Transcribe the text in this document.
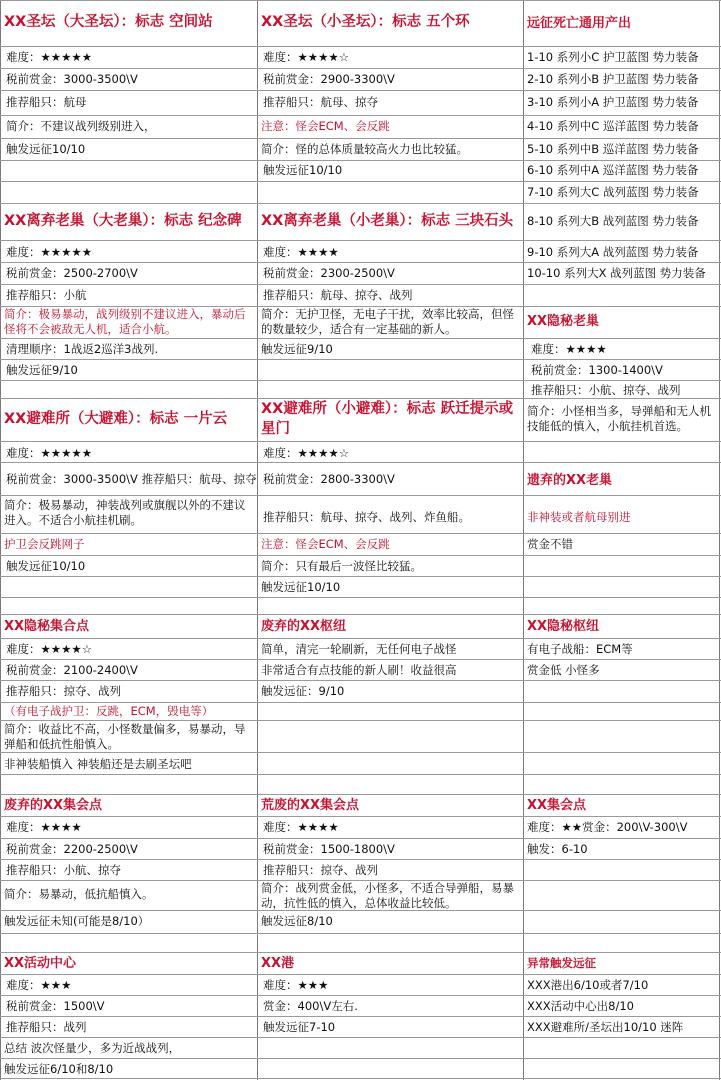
XX圣坛（大圣坛）：标志 空间站
难度：★★★★★
税前赏金：3000-3500\V
推荐船只：航母
简介：不建议战列级别进入，
触发远征10/10
XX离弃老巢（大老巢）：标志 纪念碑
难度：★★★★★
税前赏金：2500-2700\V
推荐船只：小航
简介：极易暴动，战列级别不建议进入，暴动后怪将不会被敌无人机，适合小航。
清理顺序：1战返2巡洋3战列.
触发远征9/10
XX避难所（大避难）：标志 一片云
难度：★★★★★
税前赏金：3000-3500\V 推荐船只：航母、掠夺
简介：极易暴动，神装战列或旗舰以外的不建议进入。不适合小航挂机刷。
护卫会反跳网子
触发远征10/10
XX隐秘集合点
难度：★★★★☆
税前赏金：2100-2400\V
推荐船只：掠夺、战列
（有电子战护卫：反跳，ECM，毁电等）
简介：收益比不高，小怪数量偏多，易暴动，导弹船和低抗性船慎入。
非神装船慎入 神装船还是去刷圣坛吧
废弃的XX集会点
难度：★★★★
税前赏金：2200-2500\V
推荐船只：小航、掠夺
简介：易暴动，低抗船慎入。
触发远征未知(可能是8/10）
XX活动中心
难度：★★★
税前赏金：1500\V
推荐船只：战列
总结 波次怪量少，多为近战战列，
触发远征6/10和8/10
XX圣坛（小圣坛）：标志 五个环
难度：★★★★☆
税前赏金：2900-3300\V
推荐船只：航母、掠夺
注意：怪会ECM、会反跳
简介：怪的总体质量较高火力也比较猛。
触发远征10/10
XX离弃老巢（小老巢）：标志 三块石头
难度：★★★★
税前赏金：2300-2500\V
推荐船只：航母、掠夺、战列
简介：无护卫怪，无电子干扰，效率比较高，但怪的数量较少，适合有一定基础的新人。
触发远征9/10
XX避难所（小避难）：标志 跃迁提示或星门
难度：★★★★☆
税前赏金：2800-3300\V
推荐船只：航母、掠夺、战列、炸鱼船。
注意：怪会ECM、会反跳
简介：只有最后一波怪比较猛。
触发远征10/10
废弃的XX枢纽
简单，清完一轮刷新，无任何电子战怪
非常适合有点技能的新人刷！收益很高
触发远征：9/10
荒废的XX集会点
难度：★★★★
税前赏金：1500-1800\V
推荐船只：掠夺、战列
简介：战列赏金低，小怪多，不适合导弹船，易暴动，抗性低的慎入，总体收益比较低。
触发远征8/10
XX港
难度：★★★
赏金：400\V左右.
触发远征7-10
远征死亡通用产出
1-10 系列小C 护卫蓝图 势力装备
2-10 系列小B 护卫蓝图 势力装备
3-10 系列小A 护卫蓝图 势力装备
4-10 系列中C 巡洋蓝图 势力装备
5-10 系列中B 巡洋蓝图 势力装备
6-10 系列中A 巡洋蓝图 势力装备
7-10 系列大C 战列蓝图 势力装备
8-10 系列大B 战列蓝图 势力装备
9-10 系列大A 战列蓝图 势力装备
10-10 系列大X 战列蓝图 势力装备
XX隐秘老巢
难度：★★★★
税前赏金：1300-1400\V
推荐船只：小航、掠夺、战列
简介：小怪相当多，导弹船和无人机技能低的慎入，小航挂机首选。
遗弃的XX老巢
非神装或者航母别进
赏金不错
XX隐秘枢纽
有电子战船：ECM等
赏金低 小怪多
XX集会点
难度：★★赏金：200\V-300\V
触发：6-10
异常触发远征
XXX港出6/10或者7/10
XXX活动中心出8/10
XXX避难所/圣坛出10/10 迷阵
